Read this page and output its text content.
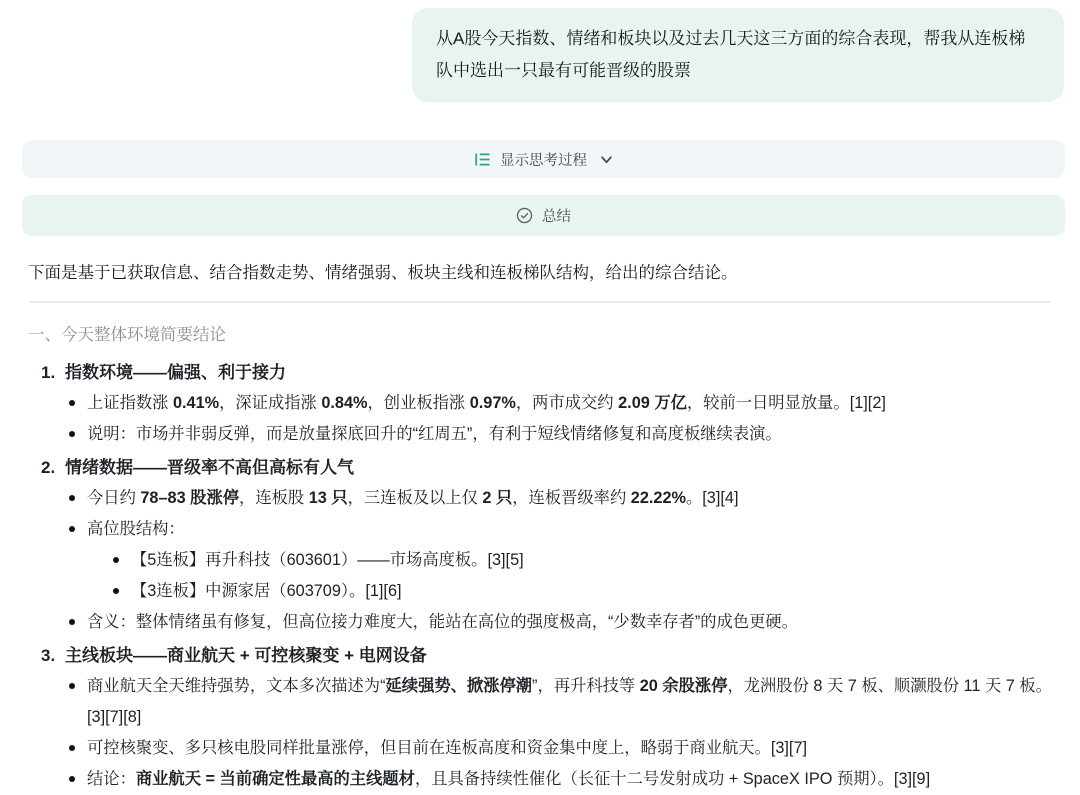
从A股今天指数、情绪和板块以及过去几天这三方面的综合表现，帮我从连板梯队中选出一只最有可能晋级的股票
显示思考过程
总结

下面是基于已获取信息、结合指数走势、情绪强弱、板块主线和连板梯队结构，给出的综合结论。

一、今天整体环境简要结论
1. 指数环境——偏强、利于接力
上证指数涨 0.41%，深证成指涨 0.84%，创业板指涨 0.97%，两市成交约 2.09 万亿，较前一日明显放量。[1][2]
说明：市场并非弱反弹，而是放量探底回升的“红周五”，有利于短线情绪修复和高度板继续表演。
2. 情绪数据——晋级率不高但高标有人气
今日约 78–83 股涨停，连板股 13 只，三连板及以上仅 2 只，连板晋级率约 22.22%。[3][4]
高位股结构：
【5连板】再升科技（603601）——市场高度板。[3][5]
【3连板】中源家居（603709）。[1][6]
含义：整体情绪虽有修复，但高位接力难度大，能站在高位的强度极高，“少数幸存者”的成色更硬。
3. 主线板块——商业航天 + 可控核聚变 + 电网设备
商业航天全天维持强势，文本多次描述为“延续强势、掀涨停潮”，再升科技等 20 余股涨停，龙洲股份 8 天 7 板、顺灏股份 11 天 7 板。[3][7][8]
可控核聚变、多只核电股同样批量涨停，但目前在连板高度和资金集中度上，略弱于商业航天。[3][7]
结论：商业航天 = 当前确定性最高的主线题材，且具备持续性催化（长征十二号发射成功 + SpaceX IPO 预期）。[3][9]
